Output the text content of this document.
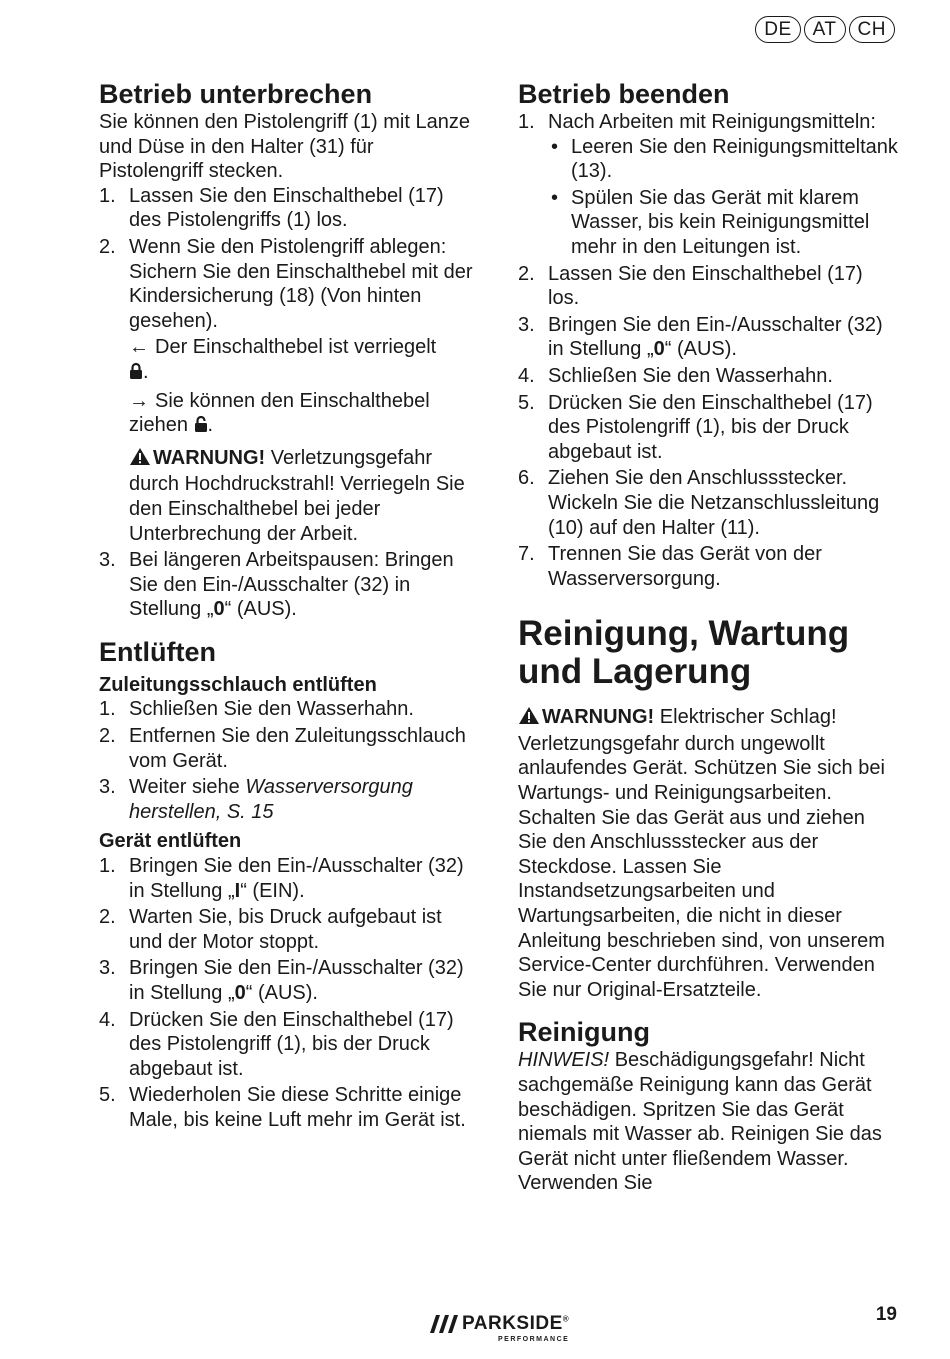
DE	AT	CH
Betrieb unterbrechen

Sie können den Pistolengriff (1) mit Lanze und Düse in den Halter (31) für Pistolengriff stecken.

1. Lassen Sie den Einschalthebel (17) des Pistolengriffs (1) los.
2. Wenn Sie den Pistolengriff ablegen: Sichern Sie den Einschalthebel mit der Kindersicherung (18) (Von hinten gesehen).
← Der Einschalthebel ist verriegelt
.
→ Sie können den Einschalthebel ziehen .
WARNUNG! Verletzungsgefahr durch Hochdruckstrahl! Verriegeln Sie den Einschalthebel bei jeder Unterbrechung der Arbeit.
3. Bei längeren Arbeitspausen: Bringen Sie den Ein-/Ausschalter (32) in Stellung „0“ (AUS).
Entlüften
Zuleitungsschlauch entlüften
1. Schließen Sie den Wasserhahn.
2. Entfernen Sie den Zuleitungsschlauch vom Gerät.
3. Weiter siehe Wasserversorgung herstellen, S. 15
Gerät entlüften
1. Bringen Sie den Ein-/Ausschalter (32) in Stellung „I“ (EIN).
2. Warten Sie, bis Druck aufgebaut ist und der Motor stoppt.
3. Bringen Sie den Ein-/Ausschalter (32) in Stellung „0“ (AUS).
4. Drücken Sie den Einschalthebel (17) des Pistolengriff (1), bis der Druck abgebaut ist.
5. Wiederholen Sie diese Schritte einige Male, bis keine Luft mehr im Gerät ist.
Betrieb beenden
1. Nach Arbeiten mit Reinigungsmitteln:
• Leeren Sie den Reinigungsmitteltank (13).
• Spülen Sie das Gerät mit klarem Wasser, bis kein Reinigungsmittel mehr in den Leitungen ist.
2. Lassen Sie den Einschalthebel (17) los.
3. Bringen Sie den Ein-/Ausschalter (32) in Stellung „0“ (AUS).
4. Schließen Sie den Wasserhahn.
5. Drücken Sie den Einschalthebel (17) des Pistolengriff (1), bis der Druck abgebaut ist.
6. Ziehen Sie den Anschlussstecker. Wickeln Sie die Netzanschlussleitung (10) auf den Halter (11).
7. Trennen Sie das Gerät von der Wasserversorgung.
Reinigung, Wartung und Lagerung

WARNUNG! Elektrischer Schlag! Verletzungsgefahr durch ungewollt anlaufendes Gerät. Schützen Sie sich bei Wartungs- und Reinigungsarbeiten. Schalten Sie das Gerät aus und ziehen Sie den Anschlussstecker aus der Steckdose. Lassen Sie Instandsetzungsarbeiten und Wartungsarbeiten, die nicht in dieser Anleitung beschrieben sind, von unserem Service-Center durchführen. Verwenden Sie nur Original-Ersatzteile.

Reinigung

HINWEIS! Beschädigungsgefahr! Nicht sachgemäße Reinigung kann das Gerät beschädigen. Spritzen Sie das Gerät niemals mit Wasser ab. Reinigen Sie das Gerät nicht unter fließendem Wasser. Verwenden Sie

PARKSIDE®
PERFORMANCE
19
